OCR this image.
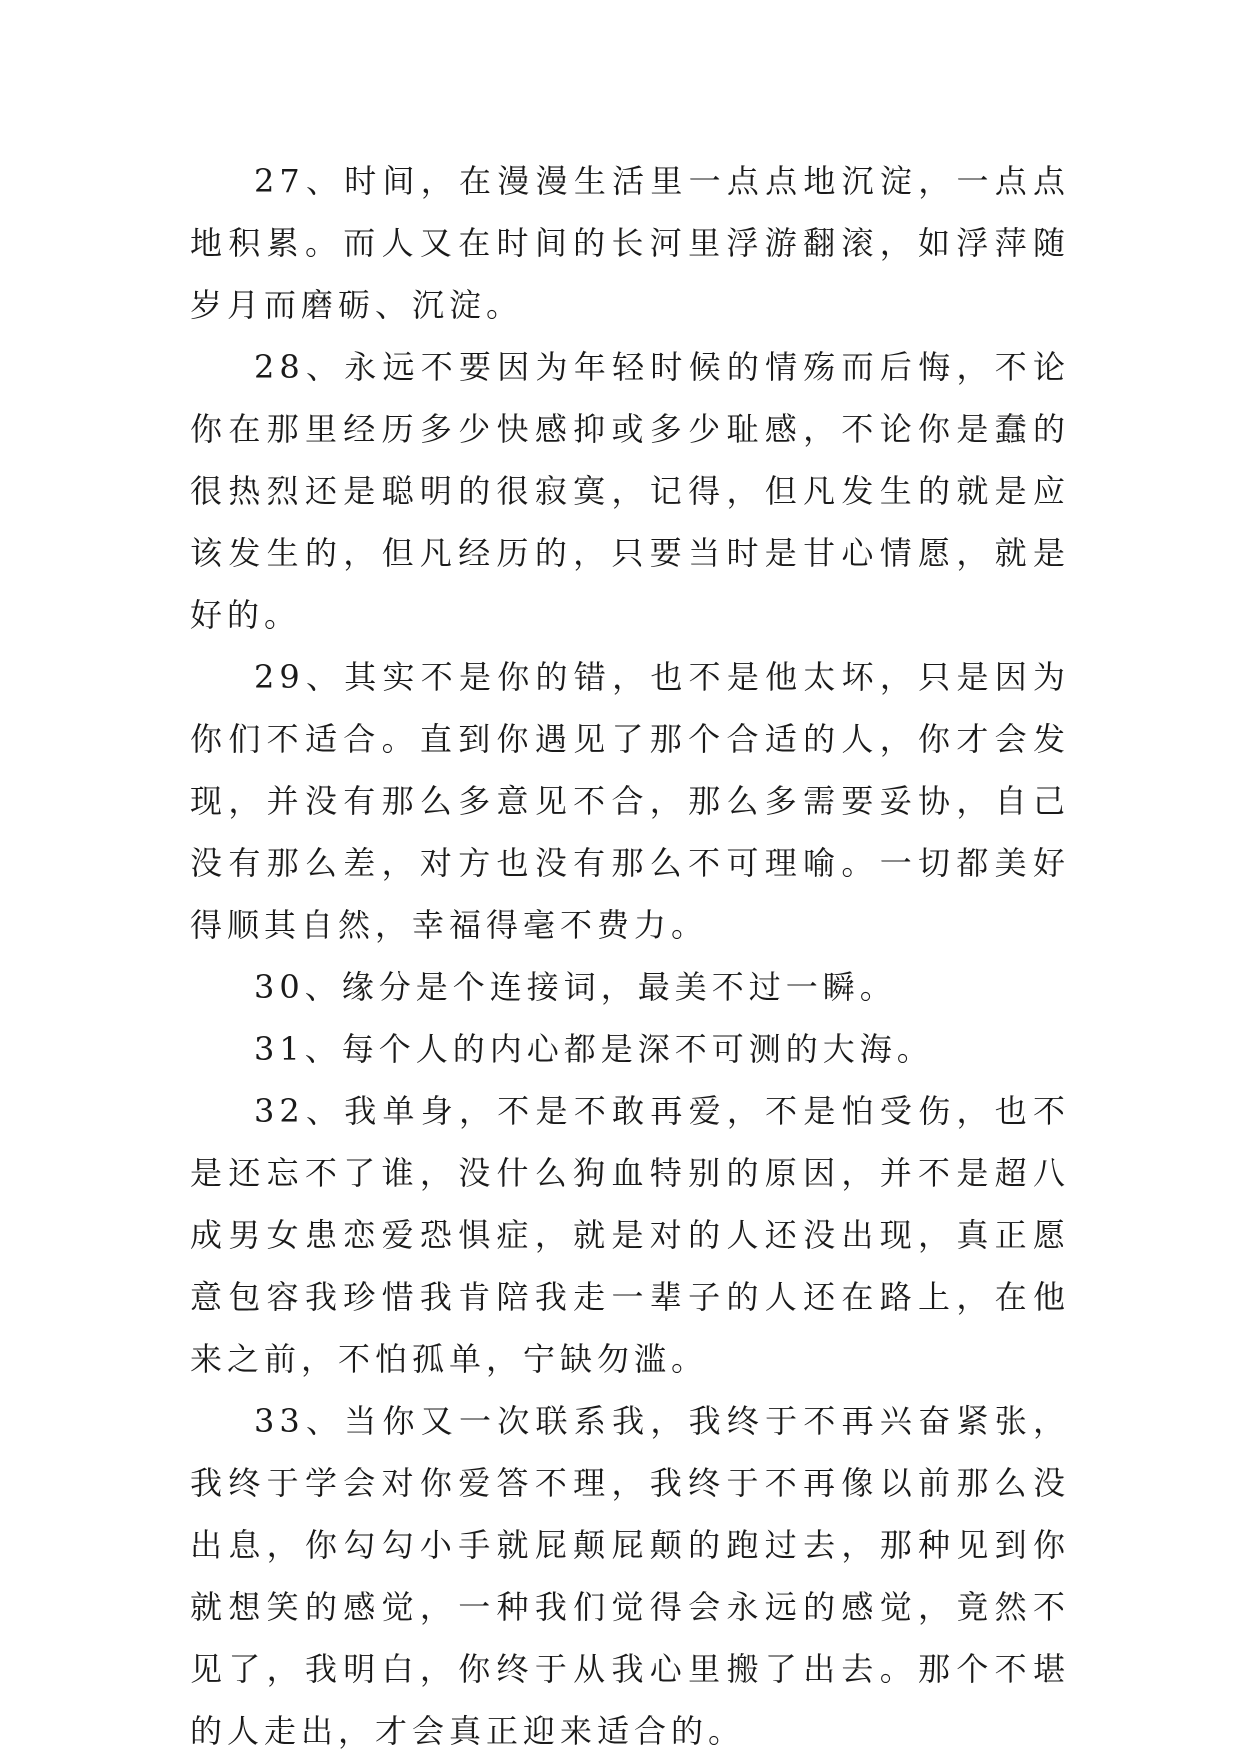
27、时间，在漫漫生活里一点点地沉淀，一点点地积累。而人又在时间的长河里浮游翻滚，如浮萍随岁月而磨砺、沉淀。

28、永远不要因为年轻时候的情殇而后悔，不论你在那里经历多少快感抑或多少耻感，不论你是蠢的很热烈还是聪明的很寂寞，记得，但凡发生的就是应该发生的，但凡经历的，只要当时是甘心情愿，就是好的。

29、其实不是你的错，也不是他太坏，只是因为你们不适合。直到你遇见了那个合适的人，你才会发现，并没有那么多意见不合，那么多需要妥协，自己没有那么差，对方也没有那么不可理喻。一切都美好得顺其自然，幸福得毫不费力。

30、缘分是个连接词，最美不过一瞬。

31、每个人的内心都是深不可测的大海。

32、我单身，不是不敢再爱，不是怕受伤，也不是还忘不了谁，没什么狗血特别的原因，并不是超八成男女患恋爱恐惧症，就是对的人还没出现，真正愿意包容我珍惜我肯陪我走一辈子的人还在路上，在他来之前，不怕孤单，宁缺勿滥。

33、当你又一次联系我，我终于不再兴奋紧张，我终于学会对你爱答不理，我终于不再像以前那么没出息，你勾勾小手就屁颠屁颠的跑过去，那种见到你就想笑的感觉，一种我们觉得会永远的感觉，竟然不见了，我明白，你终于从我心里搬了出去。那个不堪的人走出，才会真正迎来适合的。
